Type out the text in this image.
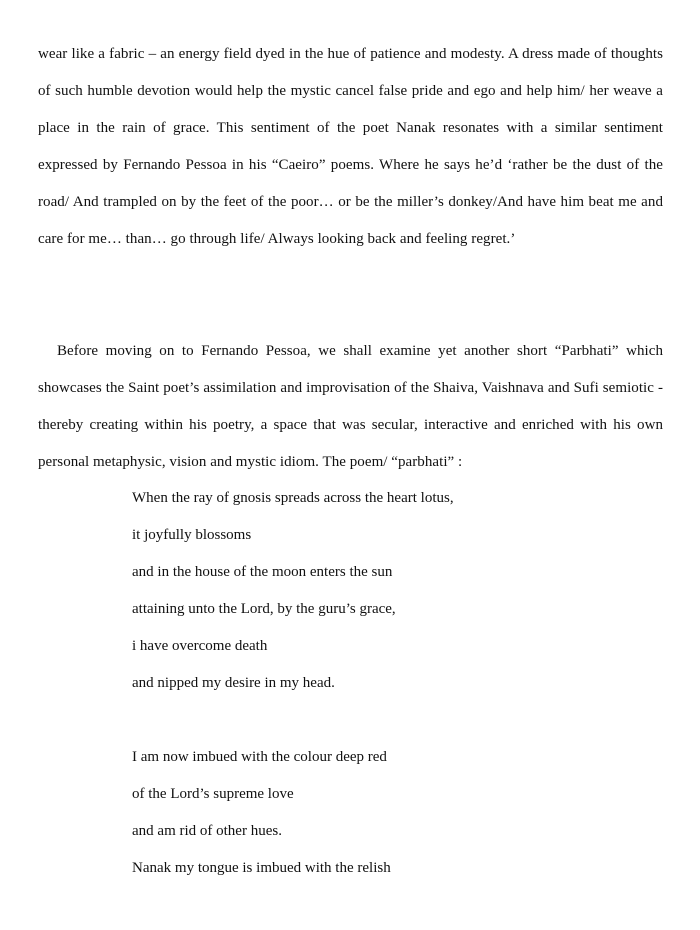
wear like a fabric – an energy field dyed in the hue of patience and modesty. A dress made of thoughts of such humble devotion would help the mystic cancel false pride and ego and help him/ her weave a place in the rain of grace. This sentiment of the poet Nanak resonates with a similar sentiment expressed by Fernando Pessoa in his “Caeiro” poems. Where he says he’d ‘rather be the dust of the road/ And trampled on by the feet of the poor… or be the miller’s donkey/And have him beat me and care for me… than… go through life/ Always looking back and feeling regret.’

Before moving on to Fernando Pessoa, we shall examine yet another short “Parbhati” which showcases the Saint poet’s assimilation and improvisation of the Shaiva, Vaishnava and Sufi semiotic - thereby creating within his poetry, a space that was secular, interactive and enriched with his own personal metaphysic, vision and mystic idiom. The poem/ “parbhati” :

When the ray of gnosis spreads across the heart lotus,
it joyfully blossoms
and in the house of the moon enters the sun
attaining unto the Lord, by the guru’s grace,
i have overcome death
and nipped my desire in my head.
I am now imbued with the colour deep red
of the Lord’s supreme love
and am rid of other hues.
Nanak my tongue is imbued with the relish
